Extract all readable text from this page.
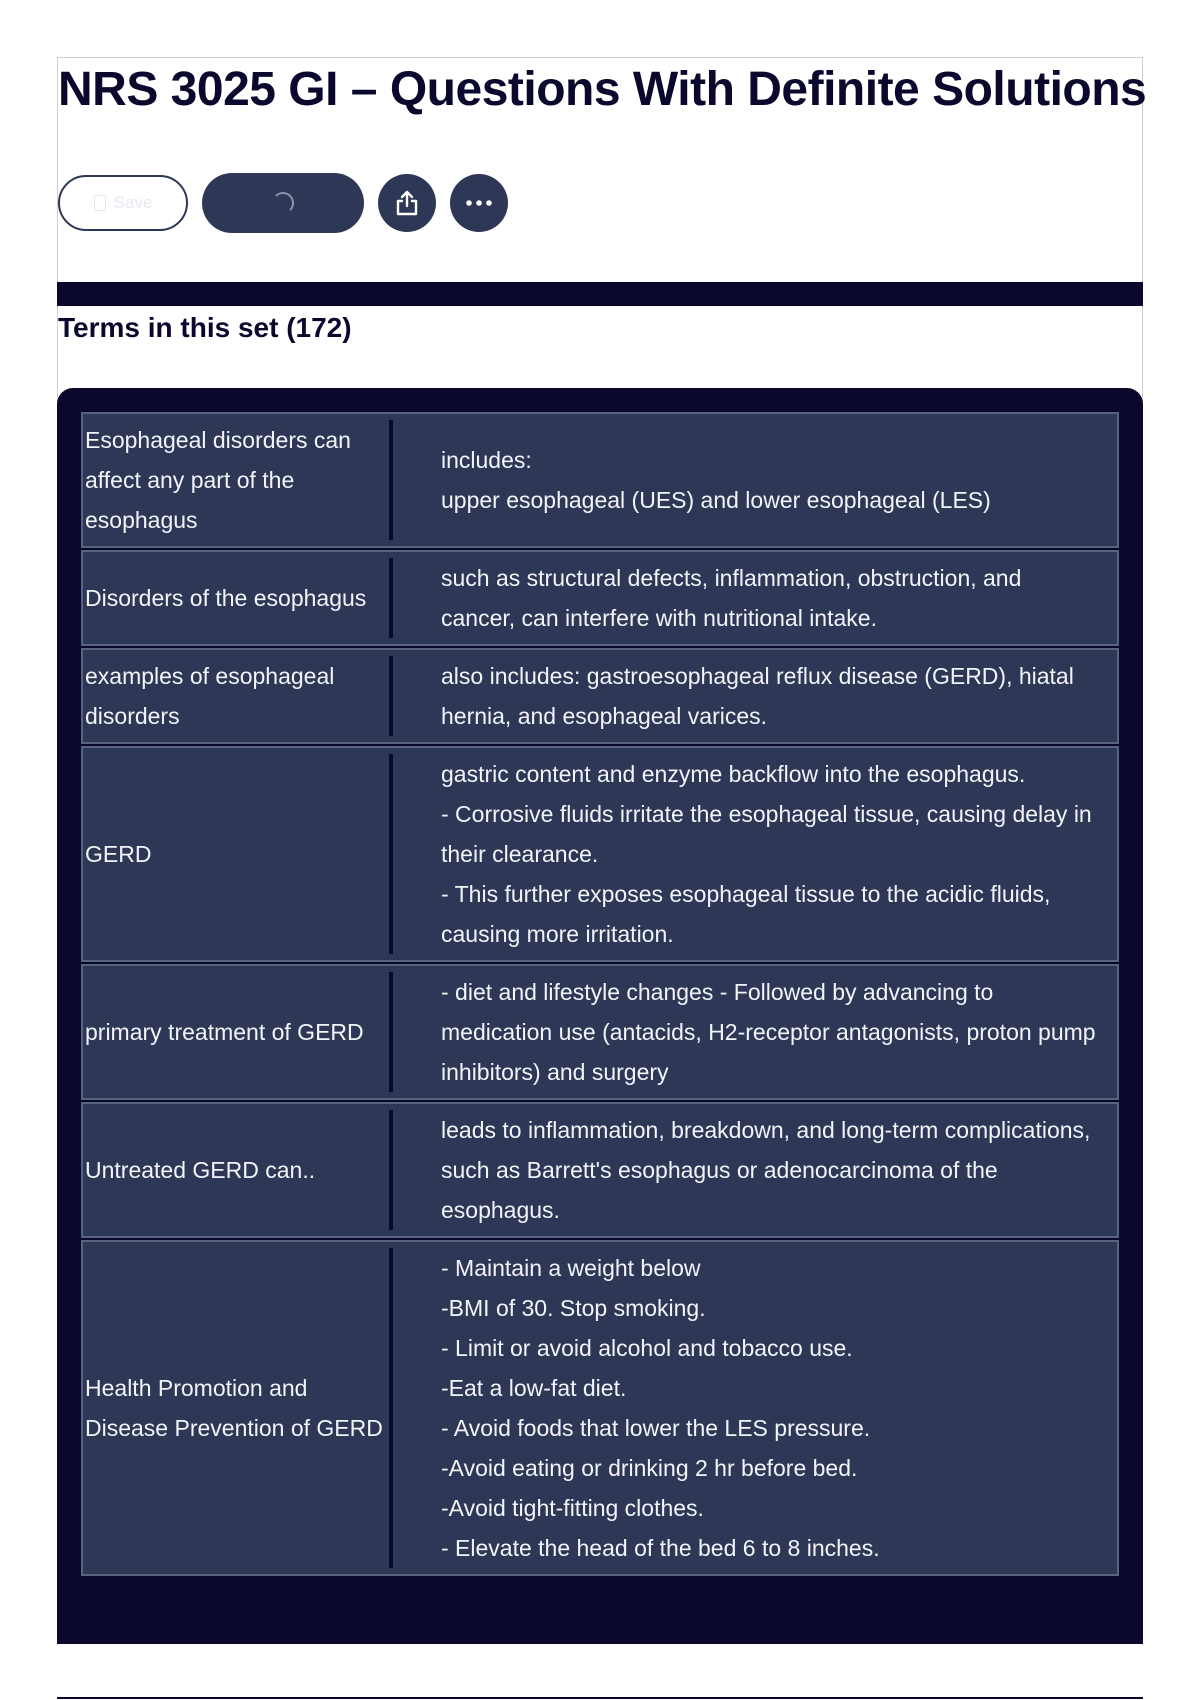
NRS 3025 GI – Questions With Definite Solutions
Save
Terms in this set (172)
Esophageal disorders can affect any part of the esophagus
includes:
upper esophageal (UES) and lower esophageal (LES)
Disorders of the esophagus
such as structural defects, inflammation, obstruction, and cancer, can interfere with nutritional intake.
examples of esophageal disorders
also includes: gastroesophageal reflux disease (GERD), hiatal hernia, and esophageal varices.
GERD
gastric content and enzyme backflow into the esophagus.
- Corrosive fluids irritate the esophageal tissue, causing delay in their clearance.
- This further exposes esophageal tissue to the acidic fluids, causing more irritation.
primary treatment of GERD
- diet and lifestyle changes - Followed by advancing to medication use (antacids, H2-receptor antagonists, proton pump inhibitors) and surgery
Untreated GERD can..
leads to inflammation, breakdown, and long-term complications, such as Barrett's esophagus or adenocarcinoma of the esophagus.
Health Promotion and Disease Prevention of GERD
- Maintain a weight below
-BMI of 30. Stop smoking.
- Limit or avoid alcohol and tobacco use.
-Eat a low-fat diet.
- Avoid foods that lower the LES pressure.
-Avoid eating or drinking 2 hr before bed.
-Avoid tight-fitting clothes.
- Elevate the head of the bed 6 to 8 inches.
